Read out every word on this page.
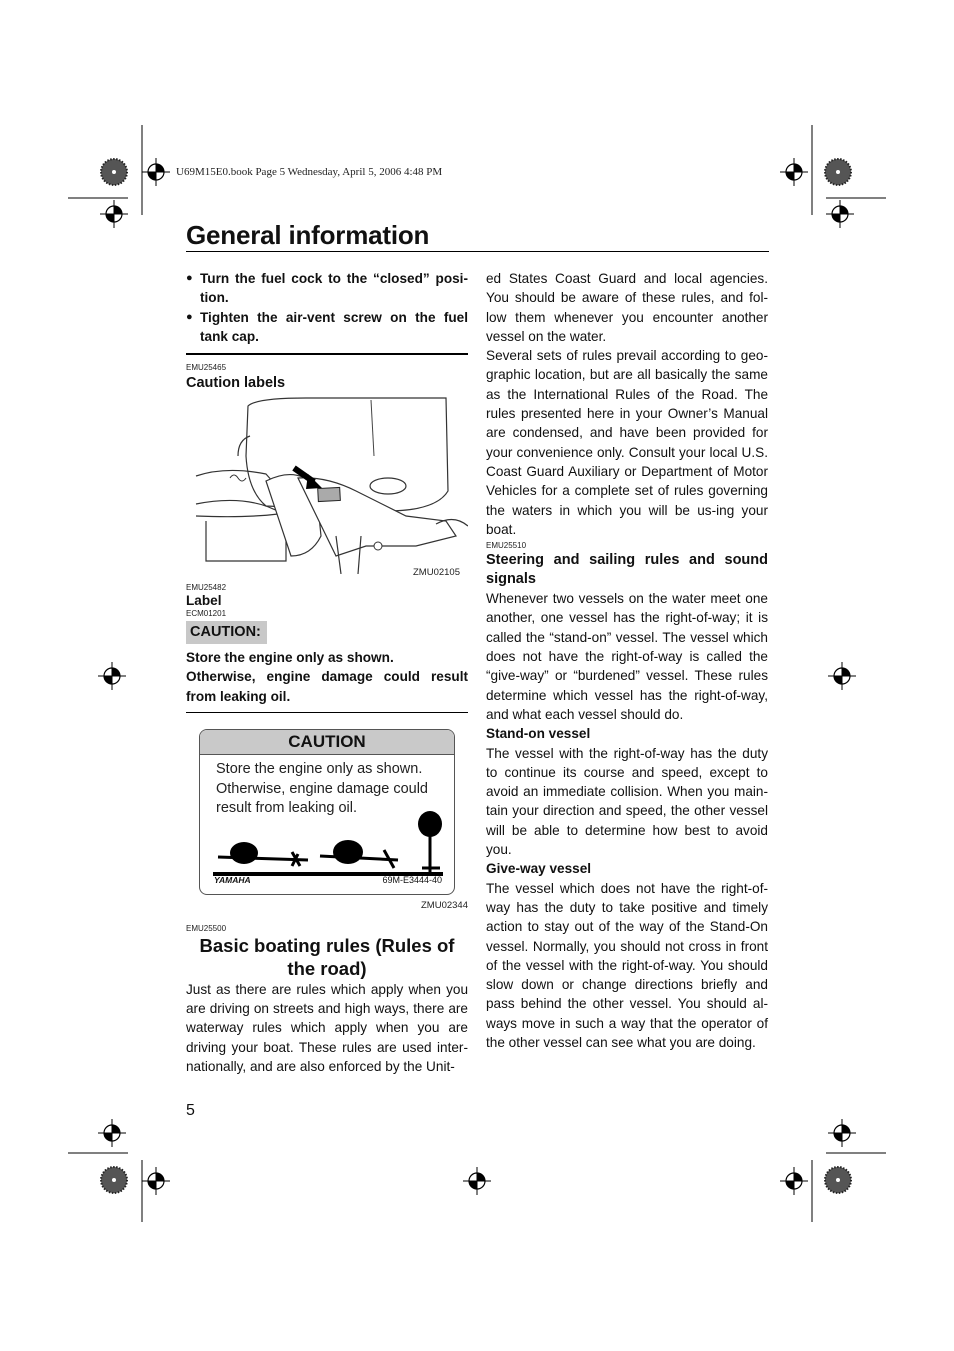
U69M15E0.book Page 5 Wednesday, April 5, 2006 4:48 PM
General information
● Turn the fuel cock to the “closed” posi-tion.
● Tighten the air-vent screw on the fuel tank cap.
EMU25465
Caution labels
ZMU02105
EMU25482
Label
ECM01201
CAUTION:
Store the engine only as shown.
Otherwise, engine damage could result from leaking oil.
CAUTION
Store the engine only as shown. Otherwise, engine damage could result from leaking oil.
YAMAHA	69M-E3444-40
ZMU02344
EMU25500
Basic boating rules (Rules of the road)
Just as there are rules which apply when you are driving on streets and high ways, there are waterway rules which apply when you are driving your boat. These rules are used inter-nationally, and are also enforced by the Unit-
ed States Coast Guard and local agencies. You should be aware of these rules, and fol-low them whenever you encounter another vessel on the water.
Several sets of rules prevail according to geo-graphic location, but are all basically the same as the International Rules of the Road. The rules presented here in your Owner’s Manual are condensed, and have been provided for your convenience only. Consult your local U.S. Coast Guard Auxiliary or Department of Motor Vehicles for a complete set of rules governing the waters in which you will be us-ing your boat.
EMU25510
Steering and sailing rules and sound signals
Whenever two vessels on the water meet one another, one vessel has the right-of-way; it is called the “stand-on” vessel. The vessel which does not have the right-of-way is called the “give-way” or “burdened” vessel. These rules determine which vessel has the right-of-way, and what each vessel should do.
Stand-on vessel
The vessel with the right-of-way has the duty to continue its course and speed, except to avoid an immediate collision. When you main-tain your direction and speed, the other vessel will be able to determine how best to avoid you.
Give-way vessel
The vessel which does not have the right-of-way has the duty to take positive and timely action to stay out of the way of the Stand-On vessel. Normally, you should not cross in front of the vessel with the right-of-way. You should slow down or change directions briefly and pass behind the other vessel. You should al-ways move in such a way that the operator of the other vessel can see what you are doing.
5
